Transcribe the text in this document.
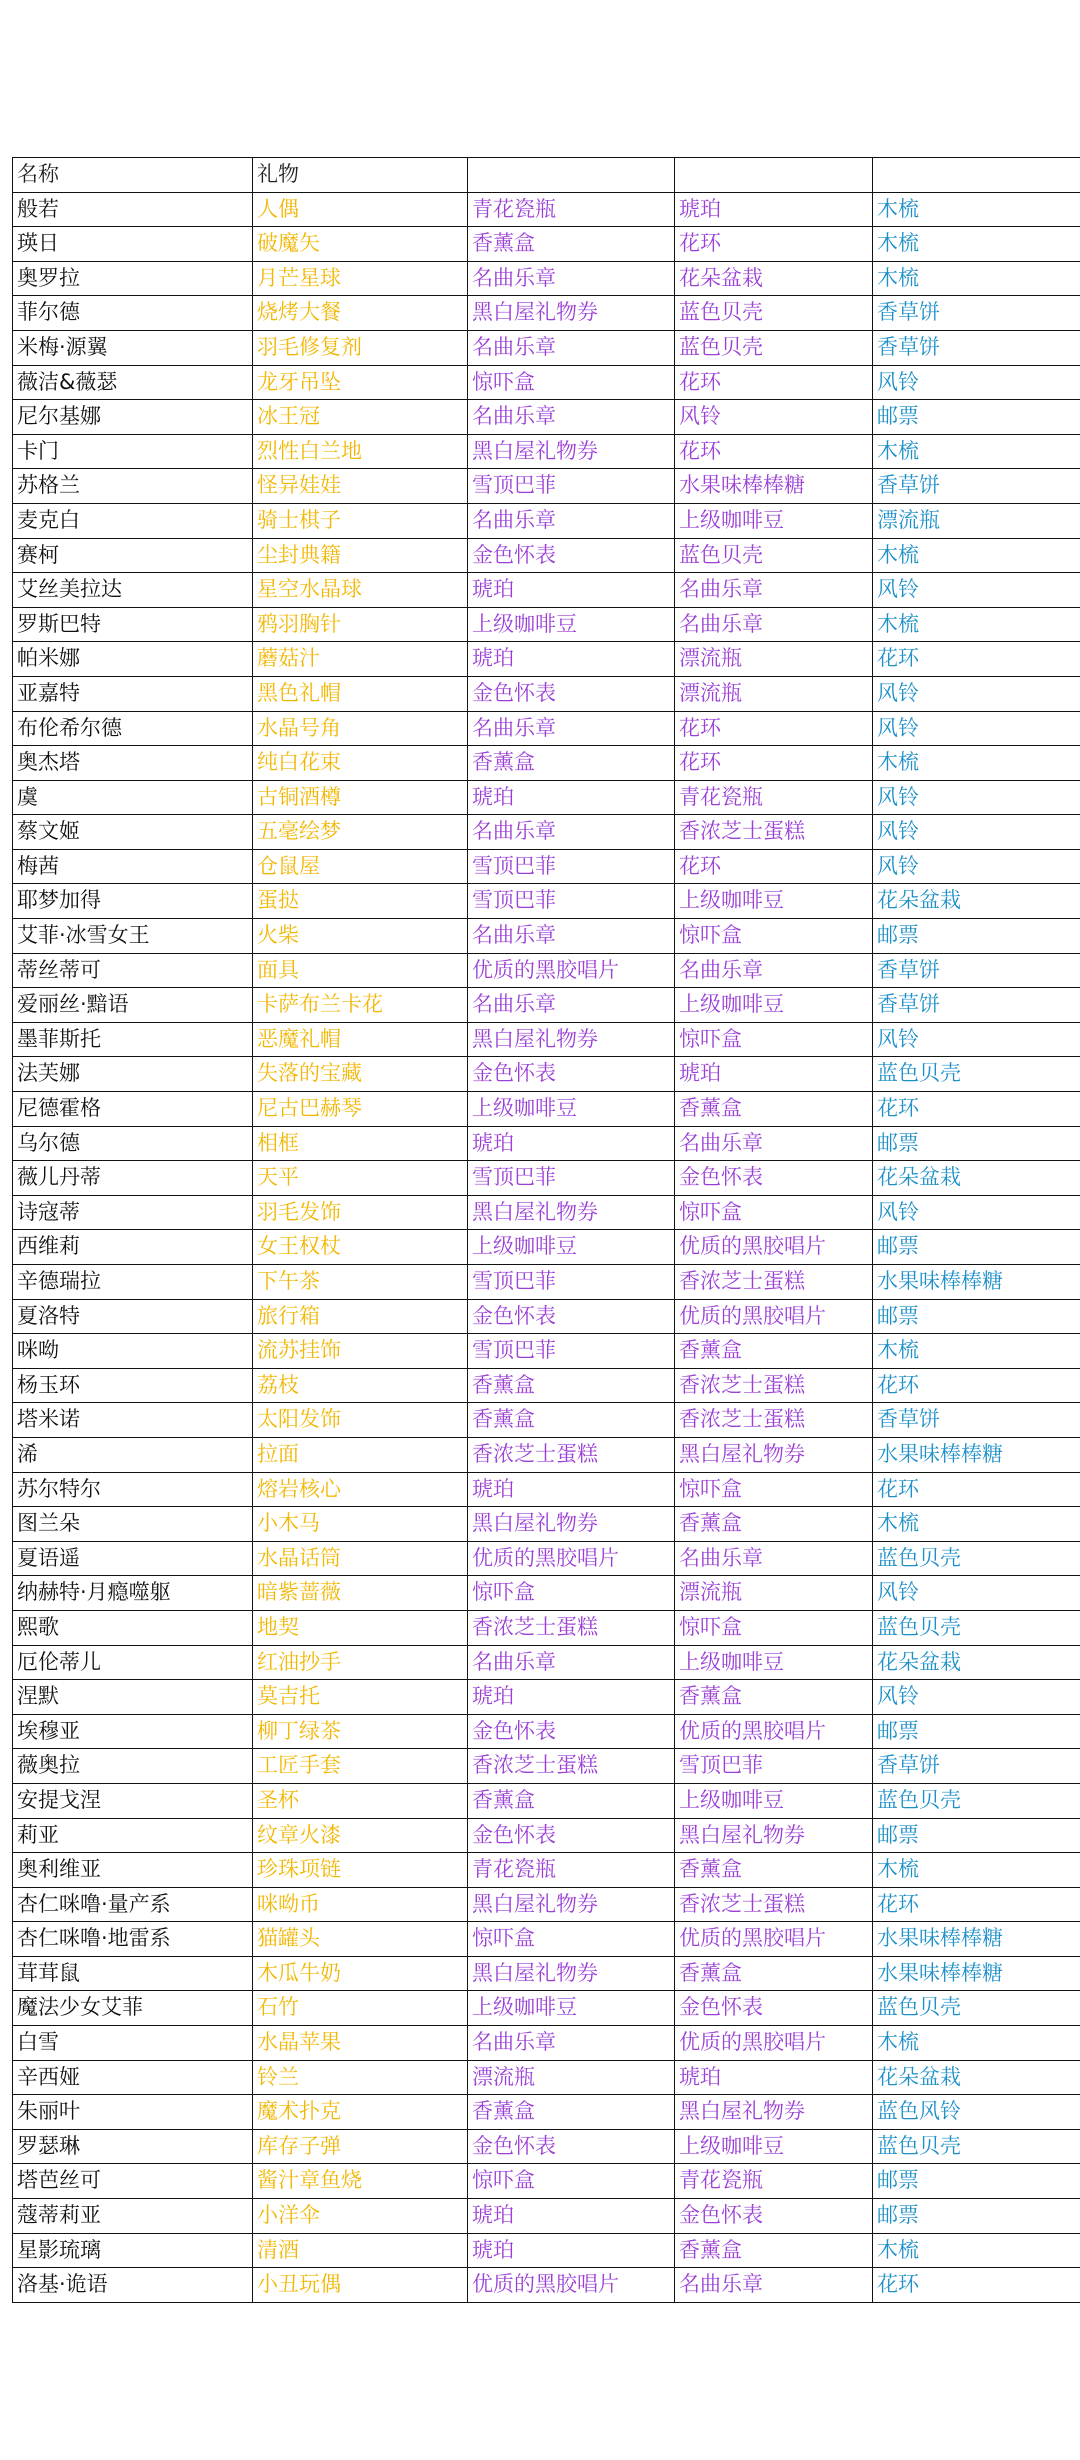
名称	礼物			
般若	人偶	青花瓷瓶	琥珀	木梳
瑛日	破魔矢	香薰盒	花环	木梳
奥罗拉	月芒星球	名曲乐章	花朵盆栽	木梳
菲尔德	烧烤大餐	黑白屋礼物券	蓝色贝壳	香草饼
米梅·源翼	羽毛修复剂	名曲乐章	蓝色贝壳	香草饼
薇洁&薇瑟	龙牙吊坠	惊吓盒	花环	风铃
尼尔基娜	冰王冠	名曲乐章	风铃	邮票
卡门	烈性白兰地	黑白屋礼物券	花环	木梳
苏格兰	怪异娃娃	雪顶巴菲	水果味棒棒糖	香草饼
麦克白	骑士棋子	名曲乐章	上级咖啡豆	漂流瓶
赛柯	尘封典籍	金色怀表	蓝色贝壳	木梳
艾丝美拉达	星空水晶球	琥珀	名曲乐章	风铃
罗斯巴特	鸦羽胸针	上级咖啡豆	名曲乐章	木梳
帕米娜	蘑菇汁	琥珀	漂流瓶	花环
亚嘉特	黑色礼帽	金色怀表	漂流瓶	风铃
布伦希尔德	水晶号角	名曲乐章	花环	风铃
奥杰塔	纯白花束	香薰盒	花环	木梳
虞	古铜酒樽	琥珀	青花瓷瓶	风铃
蔡文姬	五毫绘梦	名曲乐章	香浓芝士蛋糕	风铃
梅茜	仓鼠屋	雪顶巴菲	花环	风铃
耶梦加得	蛋挞	雪顶巴菲	上级咖啡豆	花朵盆栽
艾菲·冰雪女王	火柴	名曲乐章	惊吓盒	邮票
蒂丝蒂可	面具	优质的黑胶唱片	名曲乐章	香草饼
爱丽丝·黯语	卡萨布兰卡花	名曲乐章	上级咖啡豆	香草饼
墨菲斯托	恶魔礼帽	黑白屋礼物券	惊吓盒	风铃
法芙娜	失落的宝藏	金色怀表	琥珀	蓝色贝壳
尼德霍格	尼古巴赫琴	上级咖啡豆	香薰盒	花环
乌尔德	相框	琥珀	名曲乐章	邮票
薇儿丹蒂	天平	雪顶巴菲	金色怀表	花朵盆栽
诗寇蒂	羽毛发饰	黑白屋礼物券	惊吓盒	风铃
西维莉	女王权杖	上级咖啡豆	优质的黑胶唱片	邮票
辛德瑞拉	下午茶	雪顶巴菲	香浓芝士蛋糕	水果味棒棒糖
夏洛特	旅行箱	金色怀表	优质的黑胶唱片	邮票
咪呦	流苏挂饰	雪顶巴菲	香薰盒	木梳
杨玉环	荔枝	香薰盒	香浓芝士蛋糕	花环
塔米诺	太阳发饰	香薰盒	香浓芝士蛋糕	香草饼
浠	拉面	香浓芝士蛋糕	黑白屋礼物券	水果味棒棒糖
苏尔特尔	熔岩核心	琥珀	惊吓盒	花环
图兰朵	小木马	黑白屋礼物券	香薰盒	木梳
夏语遥	水晶话筒	优质的黑胶唱片	名曲乐章	蓝色贝壳
纳赫特·月瘾噬躯	暗紫蔷薇	惊吓盒	漂流瓶	风铃
熙歌	地契	香浓芝士蛋糕	惊吓盒	蓝色贝壳
厄伦蒂儿	红油抄手	名曲乐章	上级咖啡豆	花朵盆栽
涅默	莫吉托	琥珀	香薰盒	风铃
埃穆亚	柳丁绿茶	金色怀表	优质的黑胶唱片	邮票
薇奥拉	工匠手套	香浓芝士蛋糕	雪顶巴菲	香草饼
安提戈涅	圣杯	香薰盒	上级咖啡豆	蓝色贝壳
莉亚	纹章火漆	金色怀表	黑白屋礼物券	邮票
奥利维亚	珍珠项链	青花瓷瓶	香薰盒	木梳
杏仁咪噜·量产系	咪呦币	黑白屋礼物券	香浓芝士蛋糕	花环
杏仁咪噜·地雷系	猫罐头	惊吓盒	优质的黑胶唱片	水果味棒棒糖
茸茸鼠	木瓜牛奶	黑白屋礼物券	香薰盒	水果味棒棒糖
魔法少女艾菲	石竹	上级咖啡豆	金色怀表	蓝色贝壳
白雪	水晶苹果	名曲乐章	优质的黑胶唱片	木梳
辛西娅	铃兰	漂流瓶	琥珀	花朵盆栽
朱丽叶	魔术扑克	香薰盒	黑白屋礼物券	蓝色风铃
罗瑟琳	库存子弹	金色怀表	上级咖啡豆	蓝色贝壳
塔芭丝可	酱汁章鱼烧	惊吓盒	青花瓷瓶	邮票
蔻蒂莉亚	小洋伞	琥珀	金色怀表	邮票
星影琉璃	清酒	琥珀	香薰盒	木梳
洛基·诡语	小丑玩偶	优质的黑胶唱片	名曲乐章	花环
